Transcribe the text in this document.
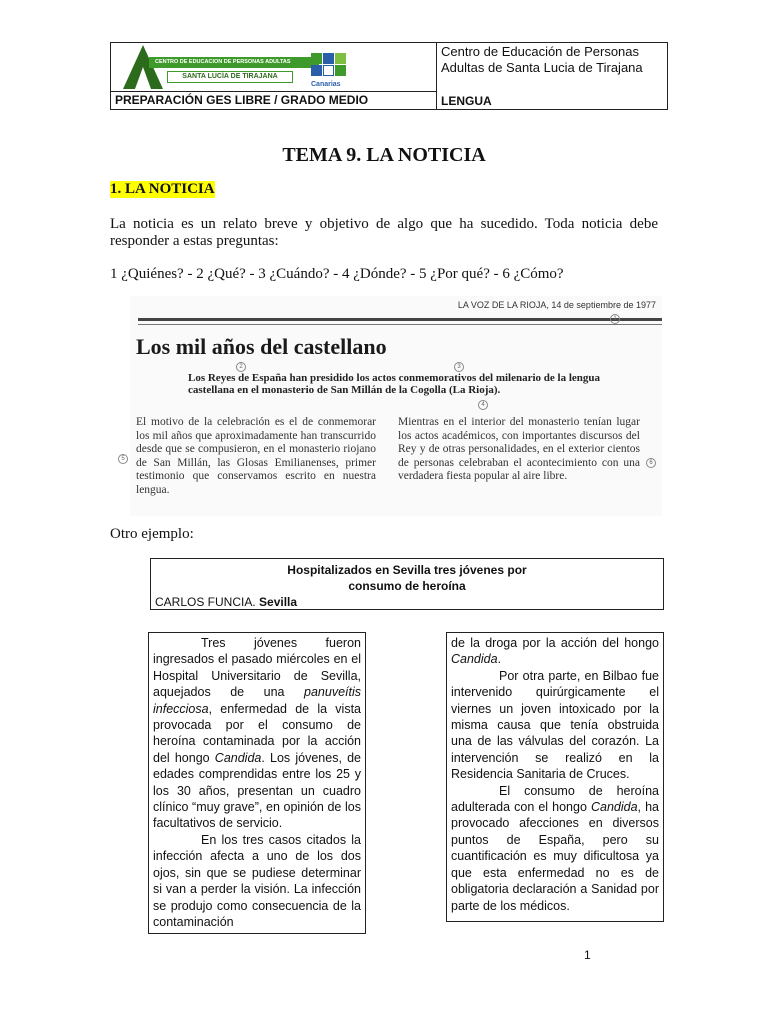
CENTRO DE EDUCACION DE PERSONAS ADULTAS
SANTA LUCÍA DE TIRAJANA
Canarias
PREPARACIÓN GES LIBRE / GRADO MEDIO
Centro de Educación de Personas
Adultas de Santa Lucia de Tirajana
LENGUA
TEMA 9. LA NOTICIA
1. LA NOTICIA
La noticia es un relato breve y objetivo de algo que ha sucedido. Toda noticia debe responder a estas preguntas:
1 ¿Quiénes? - 2 ¿Qué? - 3 ¿Cuándo? - 4 ¿Dónde? - 5 ¿Por qué? - 6 ¿Cómo?
LA VOZ DE LA RIOJA, 14 de septiembre de 1977
Los mil años del castellano
Los Reyes de España han presidido los actos conmemorativos del milenario de la lengua castellana en el monasterio de San Millán de la Cogolla (La Rioja).
El motivo de la celebración es el de conmemorar los mil años que aproximadamente han transcurrido desde que se compusieron, en el monasterio riojano de San Millán, las Glosas Emilianenses, primer testimonio que conservamos escrito en nuestra lengua.
Mientras en el interior del monasterio tenían lugar los actos académicos, con importantes discursos del Rey y de otras personalidades, en el exterior cientos de personas celebraban el acontecimiento con una verdadera fiesta popular al aire libre.
1
2	3
4
5
6
Otro ejemplo:
Hospitalizados en Sevilla tres jóvenes por
consumo de heroína
CARLOS FUNCIA. Sevilla

Tres jóvenes fueron ingresados el pasado miércoles en el Hospital Universitario de Sevilla, aquejados de una panuveítis infecciosa, enfermedad de la vista provocada por el consumo de heroína contaminada por la acción del hongo Candida. Los jóvenes, de edades comprendidas entre los 25 y los 30 años, presentan un cuadro clínico “muy grave”, en opinión de los facultativos de servicio.

En los tres casos citados la infección afecta a uno de los dos ojos, sin que se pudiese determinar si van a perder la visión. La infección se produjo como consecuencia de la contaminación

de la droga por la acción del hongo Candida.

Por otra parte, en Bilbao fue intervenido quirúrgicamente el viernes un joven intoxicado por la misma causa que tenía obstruida una de las válvulas del corazón. La intervención se realizó en la Residencia Sanitaria de Cruces.

El consumo de heroína adulterada con el hongo Candida, ha provocado afecciones en diversos puntos de España, pero su cuantificación es muy dificultosa ya que esta enfermedad no es de obligatoria declaración a Sanidad por parte de los médicos.

1
